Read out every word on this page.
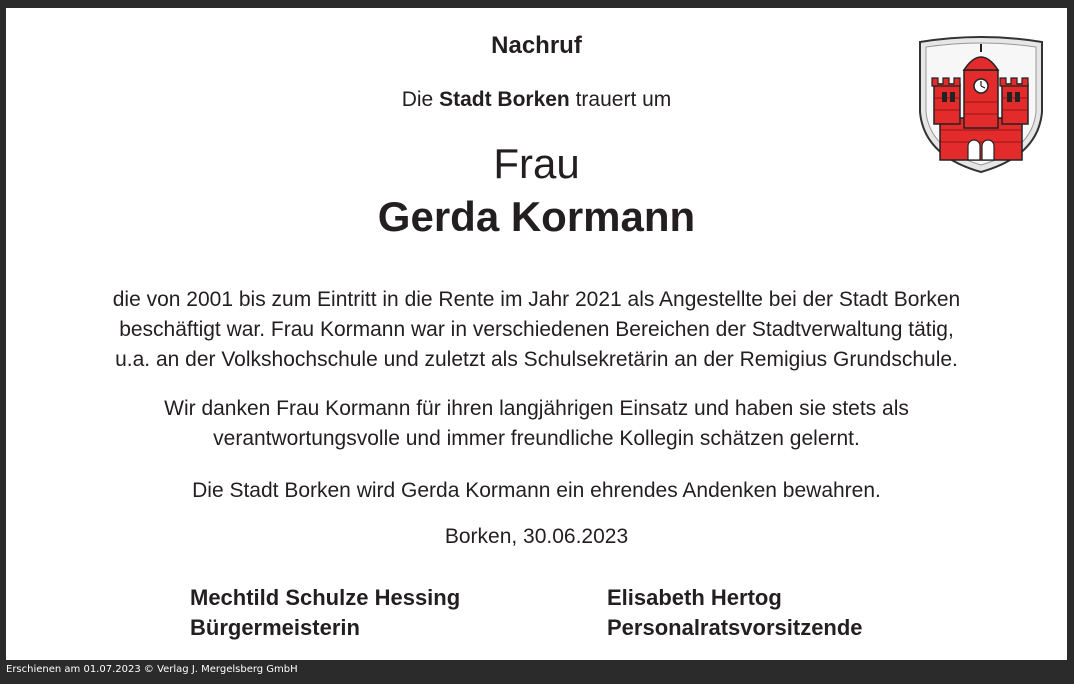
Nachruf
Die Stadt Borken trauert um
Frau
Gerda Kormann
die von 2001 bis zum Eintritt in die Rente im Jahr 2021 als Angestellte bei der Stadt Borken
beschäftigt war. Frau Kormann war in verschiedenen Bereichen der Stadtverwaltung tätig,
u.a. an der Volkshochschule und zuletzt als Schulsekretärin an der Remigius Grundschule.
Wir danken Frau Kormann für ihren langjährigen Einsatz und haben sie stets als
verantwortungsvolle und immer freundliche Kollegin schätzen gelernt.
Die Stadt Borken wird Gerda Kormann ein ehrendes Andenken bewahren.
Borken, 30.06.2023
Mechtild Schulze Hessing
Bürgermeisterin
Elisabeth Hertog
Personalratsvorsitzende
Erschienen am 01.07.2023 © Verlag J. Mergelsberg GmbH
